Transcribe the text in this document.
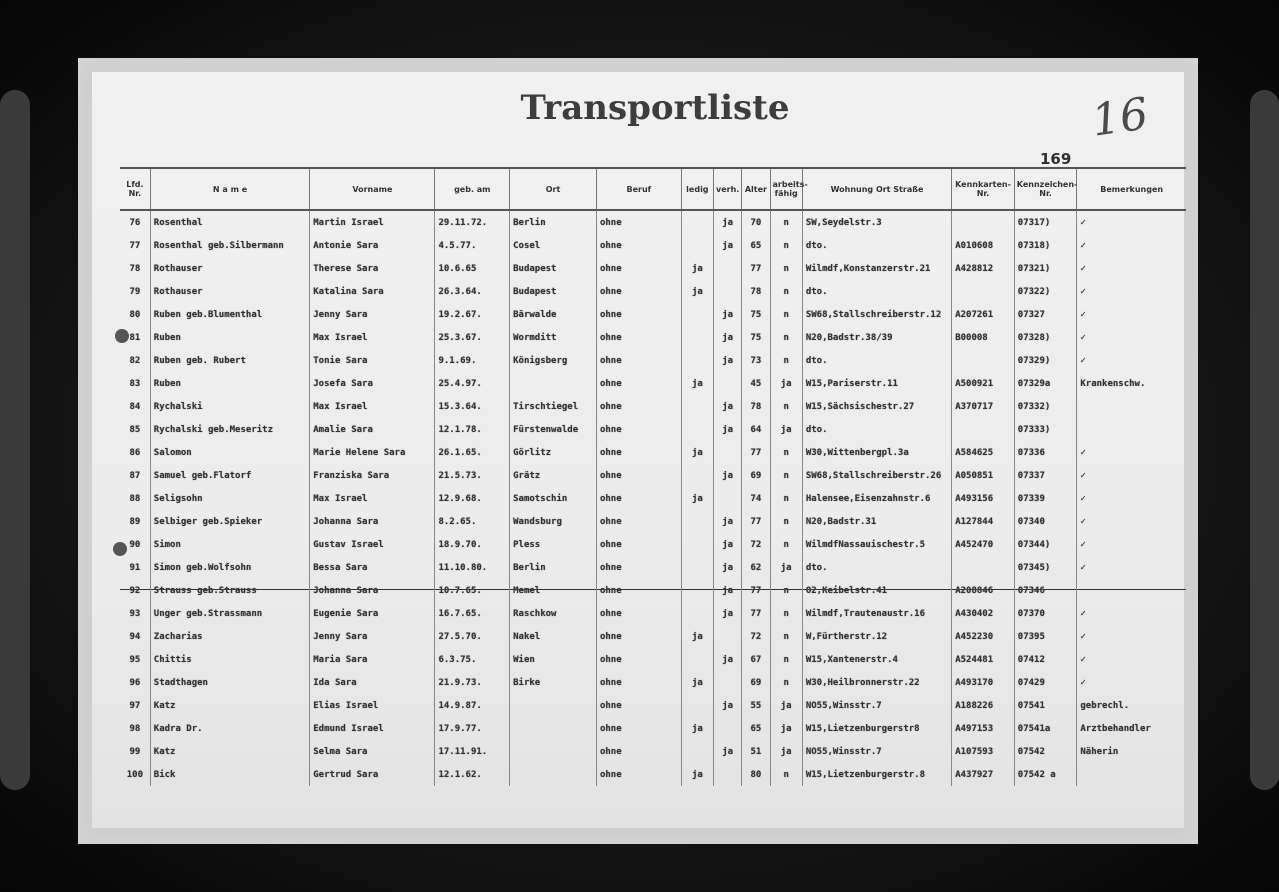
Transportliste	16
169
Lfd. Nr.	N a m e	Vorname	geb. am	Ort	Beruf	ledig	verh.	Alter	arbeits-fähig	Wohnung Ort Straße	Kennkarten-Nr.	Kennzeichen-Nr.	Bemerkungen
76	Rosenthal	Martin Israel	29.11.72.	Berlin	ohne		ja	70	n	SW,Seydelstr.3		07317)	✓
77	Rosenthal geb.Silbermann	Antonie Sara	4.5.77.	Cosel	ohne		ja	65	n	dto.	A010608	07318)	✓
78	Rothauser	Therese Sara	10.6.65	Budapest	ohne	ja		77	n	Wilmdf,Konstanzerstr.21	A428812	07321)	✓
79	Rothauser	Katalina Sara	26.3.64.	Budapest	ohne	ja		78	n	dto.		07322)	✓
80	Ruben geb.Blumenthal	Jenny Sara	19.2.67.	Bärwalde	ohne		ja	75	n	SW68,Stallschreiberstr.12	A207261	07327	✓
81	Ruben	Max Israel	25.3.67.	Wormditt	ohne		ja	75	n	N20,Badstr.38/39	B00008	07328)	✓
82	Ruben geb. Rubert	Tonie Sara	9.1.69.	Königsberg	ohne		ja	73	n	dto.		07329)	✓
83	Ruben	Josefa Sara	25.4.97.		ohne	ja		45	ja	W15,Pariserstr.11	A500921	07329a	Krankenschw.
84	Rychalski	Max Israel	15.3.64.	Tirschtiegel	ohne		ja	78	n	W15,Sächsischestr.27	A370717	07332)	
85	Rychalski geb.Meseritz	Amalie Sara	12.1.78.	Fürstenwalde	ohne		ja	64	ja	dto.		07333)	
86	Salomon	Marie Helene Sara	26.1.65.	Görlitz	ohne	ja		77	n	W30,Wittenbergpl.3a	A584625	07336	✓
87	Samuel geb.Flatorf	Franziska Sara	21.5.73.	Grätz	ohne		ja	69	n	SW68,Stallschreiberstr.26	A050851	07337	✓
88	Seligsohn	Max Israel	12.9.68.	Samotschin	ohne	ja		74	n	Halensee,Eisenzahnstr.6	A493156	07339	✓
89	Selbiger geb.Spieker	Johanna Sara	8.2.65.	Wandsburg	ohne		ja	77	n	N20,Badstr.31	A127844	07340	✓
90	Simon	Gustav Israel	18.9.70.	Pless	ohne		ja	72	n	WilmdfNassauischestr.5	A452470	07344)	✓
91	Simon geb.Wolfsohn	Bessa Sara	11.10.80.	Berlin	ohne		ja	62	ja	dto.		07345)	✓
92	Strauss geb.Strauss	Johanna Sara	10.7.65.	Memel	ohne		ja	77	n	O2,Keibelstr.41	A208846	07346	
93	Unger geb.Strassmann	Eugenie Sara	16.7.65.	Raschkow	ohne		ja	77	n	Wilmdf,Trautenaustr.16	A430402	07370	✓
94	Zacharias	Jenny Sara	27.5.70.	Nakel	ohne	ja		72	n	W,Fürtherstr.12	A452230	07395	✓
95	Chittis	Maria Sara	6.3.75.	Wien	ohne		ja	67	n	W15,Xantenerstr.4	A524481	07412	✓
96	Stadthagen	Ida Sara	21.9.73.	Birke	ohne	ja		69	n	W30,Heilbronnerstr.22	A493170	07429	✓
97	Katz	Elias Israel	14.9.87.		ohne		ja	55	ja	NO55,Winsstr.7	A188226	07541	gebrechl.
98	Kadra Dr.	Edmund Israel	17.9.77.		ohne	ja		65	ja	W15,Lietzenburgerstr8	A497153	07541a	Arztbehandler
99	Katz	Selma Sara	17.11.91.		ohne		ja	51	ja	NO55,Winsstr.7	A107593	07542	Näherin
100	Bick	Gertrud Sara	12.1.62.		ohne	ja		80	n	W15,Lietzenburgerstr.8	A437927	07542 a	
